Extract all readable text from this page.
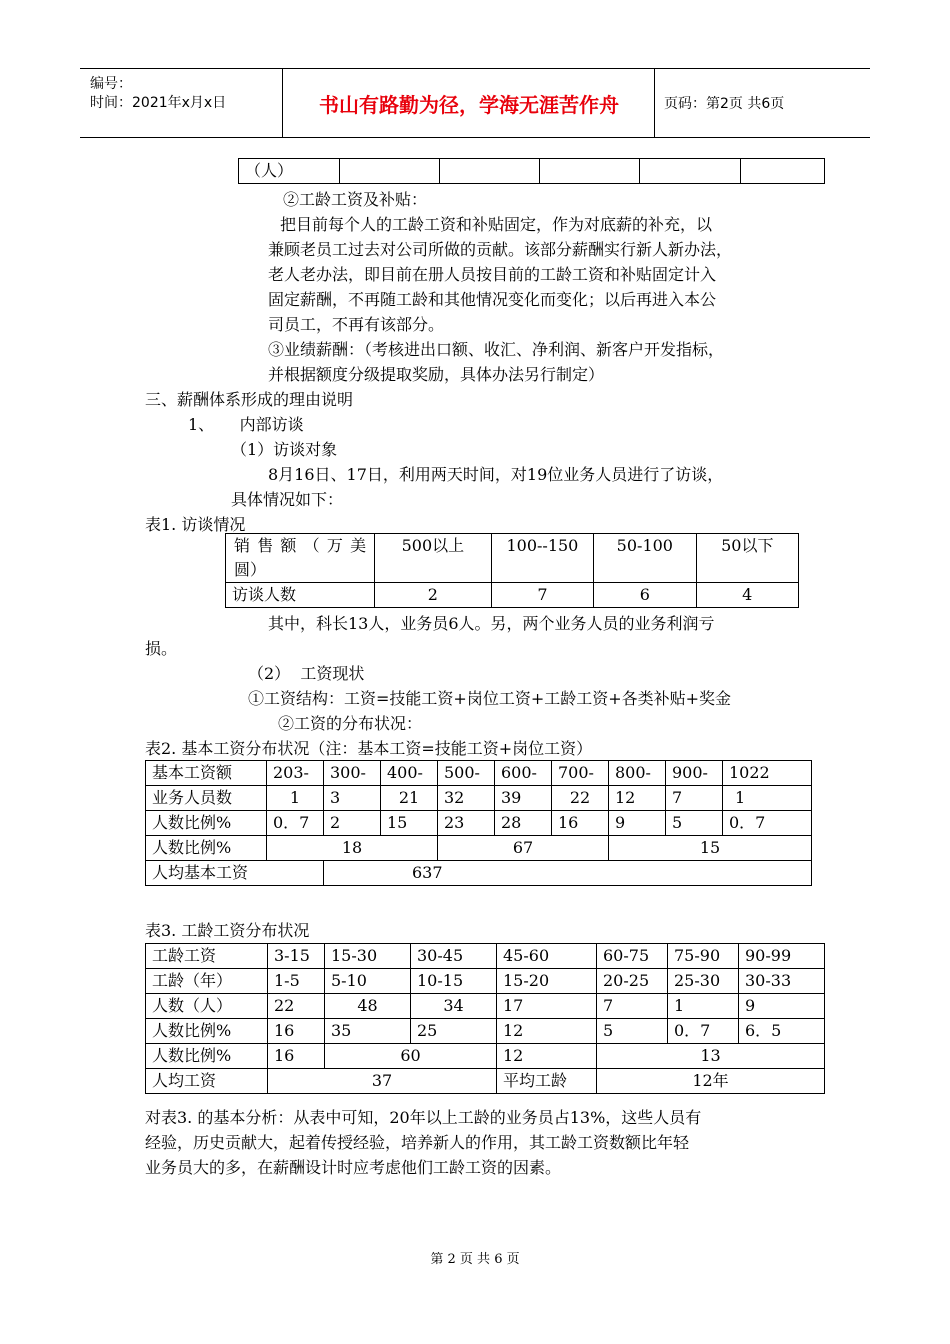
编号：
时间：2021年x月x日	书山有路勤为径，学海无涯苦作舟	页码：第2页 共6页
（人）					
②工龄工资及补贴：
把目前每个人的工龄工资和补贴固定，作为对底薪的补充，以
兼顾老员工过去对公司所做的贡献。该部分薪酬实行新人新办法，
老人老办法，即目前在册人员按目前的工龄工资和补贴固定计入
固定薪酬，不再随工龄和其他情况变化而变化；以后再进入本公
司员工，不再有该部分。
③业绩薪酬：（考核进出口额、收汇、净利润、新客户开发指标，
并根据额度分级提取奖励，具体办法另行制定）
三、薪酬体系形成的理由说明
1、     内部访谈
（1）访谈对象
8月16日、17日，利用两天时间，对19位业务人员进行了访谈，
具体情况如下：
表1. 访谈情况
销售额（万美
圆）	500以上	100--150	50-100	50以下
访谈人数	2	7	6	4
其中，科长13人，业务员6人。另，两个业务人员的业务利润亏
损。
（2）  工资现状
①工资结构：工资=技能工资+岗位工资+工龄工资+各类补贴+奖金
②工资的分布状况：
表2. 基本工资分布状况（注：基本工资=技能工资+岗位工资）
基本工资额	203-	300-	400-	500-	600-	700-	800-	900-	1022
业务人员数	1	3	21	32	39	22	12	7	1
人数比例%	0．7	2	15	23	28	16	9	5	0．7
人数比例%	18			67			15		
人均基本工资		637							
表3. 工龄工资分布状况
工龄工资	3-15	15-30	30-45	45-60	60-75	75-90	90-99
工龄（年）	1-5	5-10	10-15	15-20	20-25	25-30	30-33
人数（人）	22	48	34	17	7	1	9
人数比例%	16	35	25	12	5	0．7	6．5
人数比例%	16	60		12	13		
人均工资	37			平均工龄	12年		
对表3. 的基本分析：从表中可知，20年以上工龄的业务员占13%，这些人员有
经验，历史贡献大，起着传授经验，培养新人的作用，其工龄工资数额比年轻
业务员大的多，在薪酬设计时应考虑他们工龄工资的因素。
第 2 页 共 6 页
